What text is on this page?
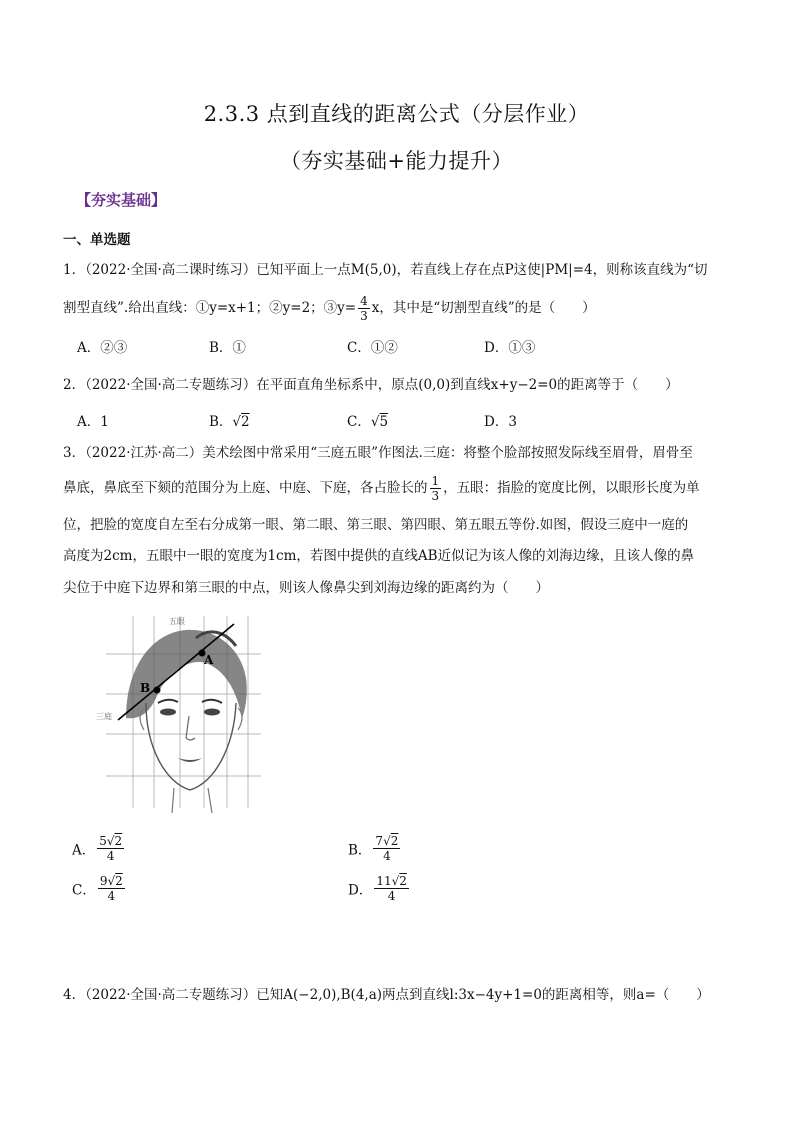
2.3.3 点到直线的距离公式（分层作业）
（夯实基础+能力提升）
【夯实基础】
一、单选题
1．（2022·全国·高二课时练习）已知平面上一点M(5,0)，若直线上存在点P这使|PM|=4，则称该直线为“切
割型直线”.给出直线：①y=x+1；②y=2；③y= $\frac{4}{3}$ x，其中是“切割型直线”的是（　　）
A．②③	B．①	C．①②	D．①③
2．（2022·全国·高二专题练习）在平面直角坐标系中，原点(0,0)到直线x+y−2=0的距离等于（　　）
A．1	B．√2	C．√5	D．3
3．（2022·江苏·高二）美术绘图中常采用“三庭五眼”作图法.三庭：将整个脸部按照发际线至眉骨，眉骨至
鼻底，鼻底至下颏的范围分为上庭、中庭、下庭，各占脸长的 $\frac{1}{3}$ ，五眼：指脸的宽度比例，以眼形长度为单
位，把脸的宽度自左至右分成第一眼、第二眼、第三眼、第四眼、第五眼五等份.如图，假设三庭中一庭的
高度为2cm，五眼中一眼的宽度为1cm，若图中提供的直线AB近似记为该人像的刘海边缘，且该人像的鼻
尖位于中庭下边界和第三眼的中点，则该人像鼻尖到刘海边缘的距离约为（　　）
五眼
三庭
A
B
A． $\frac{5√2}{4}$	B． $\frac{7√2}{4}$
C． $\frac{9√2}{4}$	D． $\frac{11√2}{4}$
4．（2022·全国·高二专题练习）已知A(−2,0),B(4,a)两点到直线l:3x−4y+1=0的距离相等，则a=（　　）
